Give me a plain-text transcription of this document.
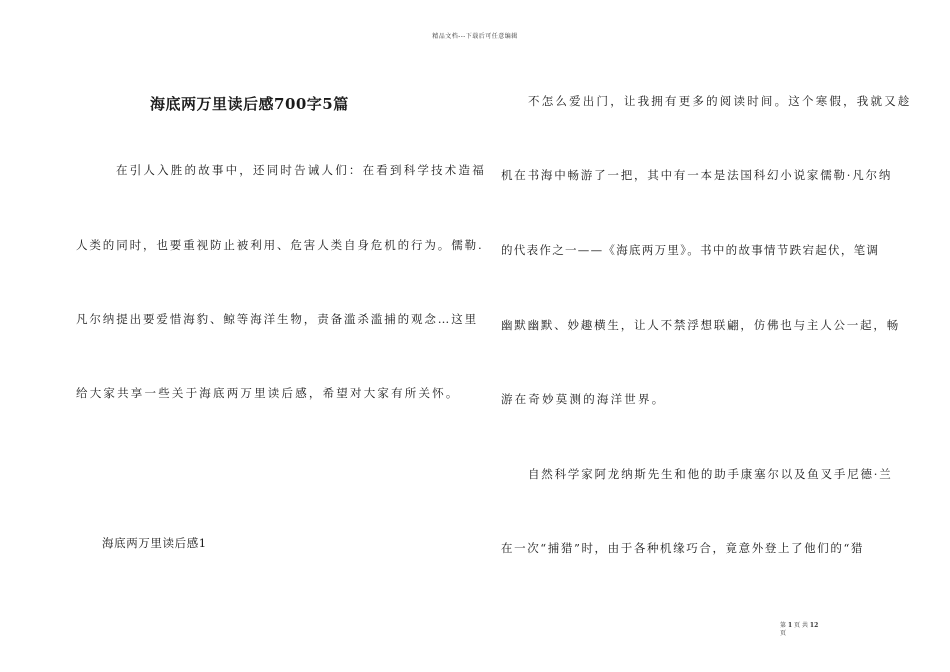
精品文档---下载后可任意编辑
海底两万里读后感700字5篇
在引人入胜的故事中，还同时告诫人们：在看到科学技术造福
人类的同时，也要重视防止被利用、危害人类自身危机的行为。儒勒.
凡尔纳提出要爱惜海豹、鲸等海洋生物，责备滥杀滥捕的观念…这里
给大家共享一些关于海底两万里读后感，希望对大家有所关怀。
海底两万里读后感1
不怎么爱出门，让我拥有更多的阅读时间。这个寒假，我就又趁
机在书海中畅游了一把，其中有一本是法国科幻小说家儒勒·凡尔纳
的代表作之一——《海底两万里》。书中的故事情节跌宕起伏，笔调
幽默幽默、妙趣横生，让人不禁浮想联翩，仿佛也与主人公一起，畅
游在奇妙莫测的海洋世界。
自然科学家阿龙纳斯先生和他的助手康塞尔以及鱼叉手尼德·兰
在一次“捕猎”时，由于各种机缘巧合，竟意外登上了他们的“猎
第 1 页 共 12
页
